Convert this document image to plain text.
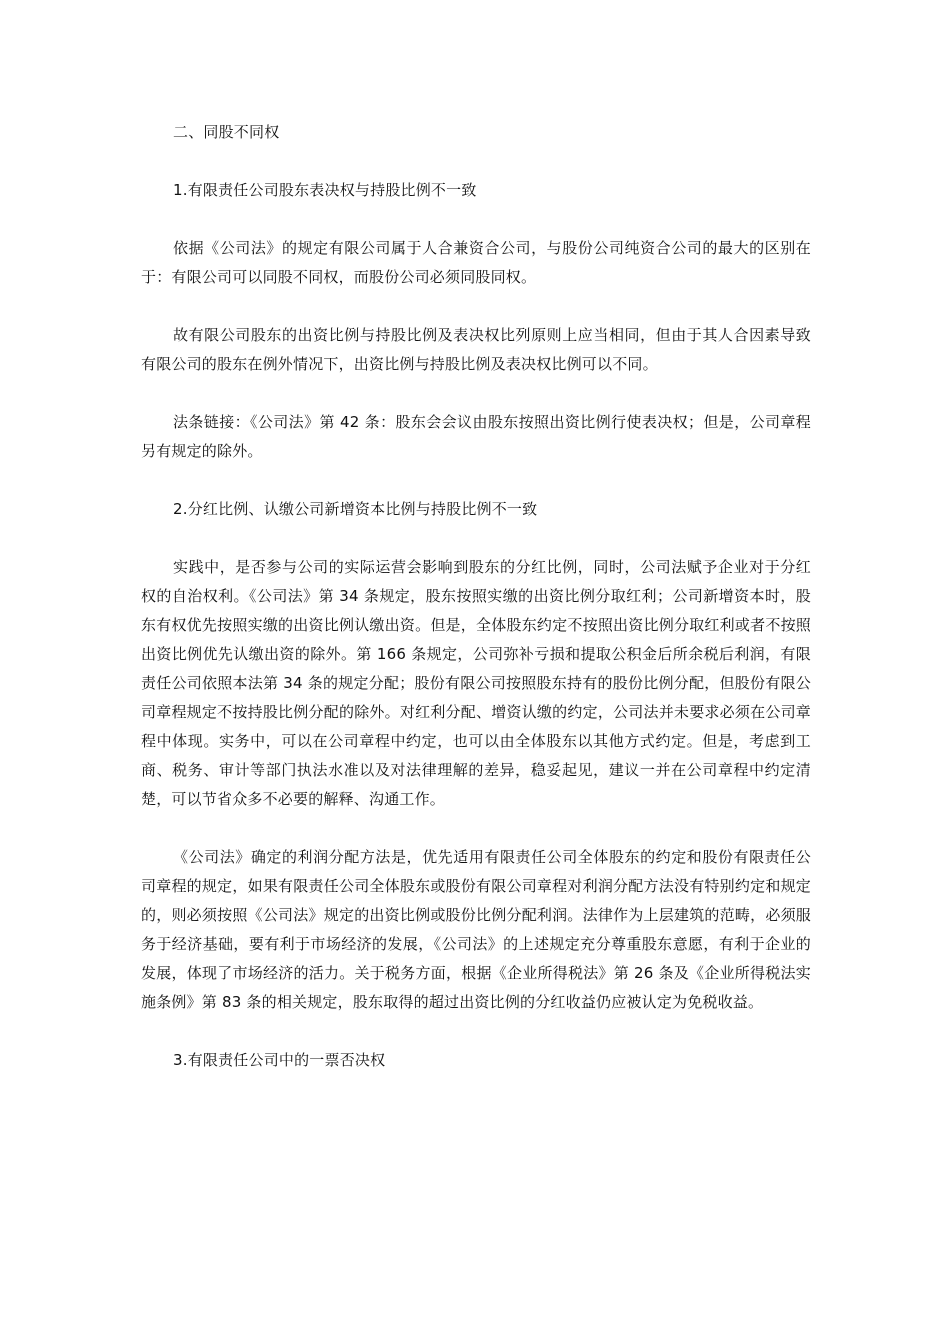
二、同股不同权

1.有限责任公司股东表决权与持股比例不一致

依据《公司法》的规定有限公司属于人合兼资合公司，与股份公司纯资合公司的最大的区别在于：有限公司可以同股不同权，而股份公司必须同股同权。

故有限公司股东的出资比例与持股比例及表决权比列原则上应当相同，但由于其人合因素导致有限公司的股东在例外情况下，出资比例与持股比例及表决权比例可以不同。

法条链接：《公司法》第 42 条：股东会会议由股东按照出资比例行使表决权；但是，公司章程另有规定的除外。

2.分红比例、认缴公司新增资本比例与持股比例不一致

实践中，是否参与公司的实际运营会影响到股东的分红比例，同时，公司法赋予企业对于分红权的自治权利。《公司法》第 34 条规定，股东按照实缴的出资比例分取红利；公司新增资本时，股东有权优先按照实缴的出资比例认缴出资。但是，全体股东约定不按照出资比例分取红利或者不按照出资比例优先认缴出资的除外。第 166 条规定，公司弥补亏损和提取公积金后所余税后利润，有限责任公司依照本法第 34 条的规定分配；股份有限公司按照股东持有的股份比例分配，但股份有限公司章程规定不按持股比例分配的除外。对红利分配、增资认缴的约定，公司法并未要求必须在公司章程中体现。实务中，可以在公司章程中约定，也可以由全体股东以其他方式约定。但是，考虑到工商、税务、审计等部门执法水准以及对法律理解的差异，稳妥起见，建议一并在公司章程中约定清楚，可以节省众多不必要的解释、沟通工作。

《公司法》确定的利润分配方法是，优先适用有限责任公司全体股东的约定和股份有限责任公司章程的规定，如果有限责任公司全体股东或股份有限公司章程对利润分配方法没有特别约定和规定的，则必须按照《公司法》规定的出资比例或股份比例分配利润。法律作为上层建筑的范畴，必须服务于经济基础，要有利于市场经济的发展，《公司法》的上述规定充分尊重股东意愿，有利于企业的发展，体现了市场经济的活力。关于税务方面，根据《企业所得税法》第 26 条及《企业所得税法实施条例》第 83 条的相关规定，股东取得的超过出资比例的分红收益仍应被认定为免税收益。

3.有限责任公司中的一票否决权
